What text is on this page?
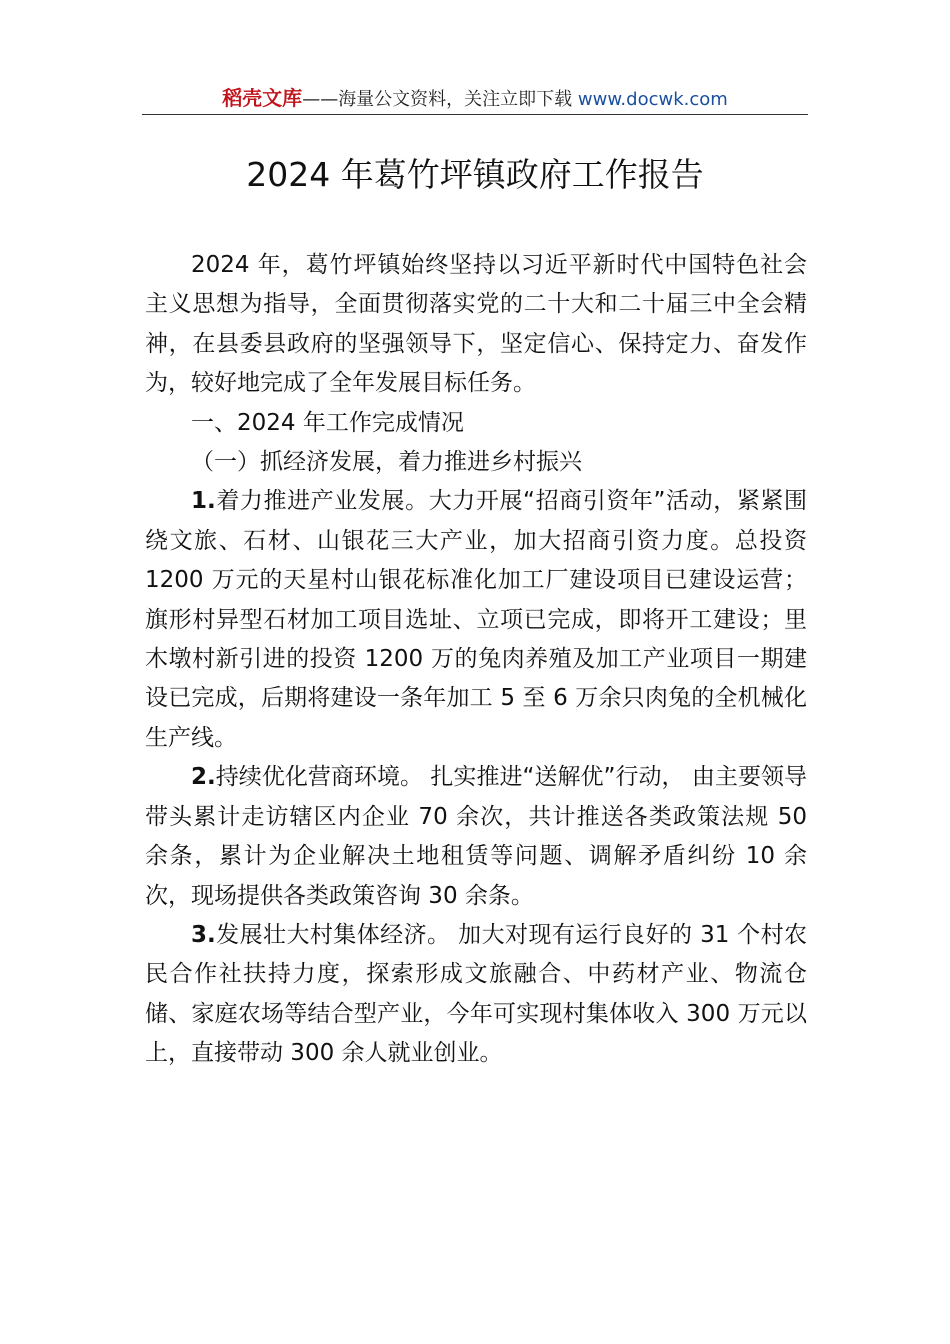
稻壳文库——海量公文资料，关注立即下载 www.docwk.com
2024 年葛竹坪镇政府工作报告

2024 年，葛竹坪镇始终坚持以习近平新时代中国特色社会主义思想为指导，全面贯彻落实党的二十大和二十届三中全会精神，在县委县政府的坚强领导下，坚定信心、保持定力、奋发作为，较好地完成了全年发展目标任务。

一、2024 年工作完成情况

（一）抓经济发展，着力推进乡村振兴

1.着力推进产业发展。大力开展“招商引资年”活动，紧紧围绕文旅、石材、山银花三大产业，加大招商引资力度。总投资 1200 万元的天星村山银花标准化加工厂建设项目已建设运营；旗形村异型石材加工项目选址、立项已完成，即将开工建设；里木墩村新引进的投资 1200 万的兔肉养殖及加工产业项目一期建设已完成，后期将建设一条年加工 5 至 6 万余只肉兔的全机械化生产线。

2.持续优化营商环境。 扎实推进“送解优”行动， 由主要领导带头累计走访辖区内企业 70 余次，共计推送各类政策法规 50 余条，累计为企业解决土地租赁等问题、调解矛盾纠纷 10 余次，现场提供各类政策咨询 30 余条。

3.发展壮大村集体经济。 加大对现有运行良好的 31 个村农民合作社扶持力度，探索形成文旅融合、中药材产业、物流仓储、家庭农场等结合型产业，今年可实现村集体收入 300 万元以上，直接带动 300 余人就业创业。
